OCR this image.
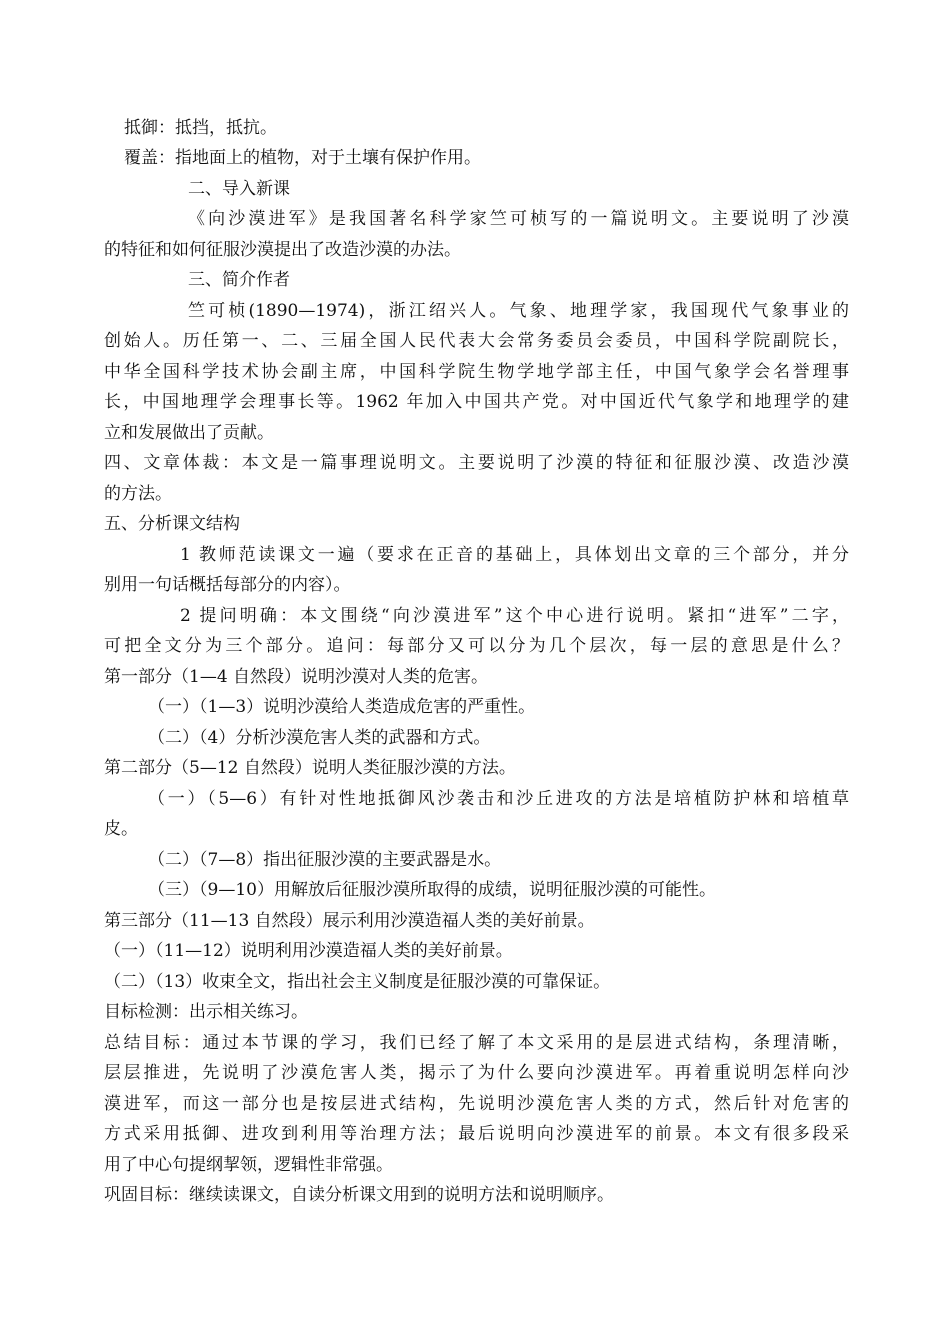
抵御：抵挡，抵抗。
覆盖：指地面上的植物，对于土壤有保护作用。
二、导入新课
《向沙漠进军》是我国著名科学家竺可桢写的一篇说明文。主要说明了沙漠
的特征和如何征服沙漠提出了改造沙漠的办法。
三、简介作者
竺可桢(1890—1974)，浙江绍兴人。气象、地理学家，我国现代气象事业的
创始人。历任第一、二、三届全国人民代表大会常务委员会委员，中国科学院副院长，
中华全国科学技术协会副主席，中国科学院生物学地学部主任，中国气象学会名誉理事
长，中国地理学会理事长等。1962 年加入中国共产党。对中国近代气象学和地理学的建
立和发展做出了贡献。
四、文章体裁：本文是一篇事理说明文。主要说明了沙漠的特征和征服沙漠、改造沙漠
的方法。
五、分析课文结构
1 教师范读课文一遍（要求在正音的基础上，具体划出文章的三个部分，并分
别用一句话概括每部分的内容）。
2 提问明确：本文围绕“向沙漠进军”这个中心进行说明。紧扣“进军”二字，
可把全文分为三个部分。追问：每部分又可以分为几个层次，每一层的意思是什么？
第一部分（1—4 自然段）说明沙漠对人类的危害。
（一）（1—3）说明沙漠给人类造成危害的严重性。
（二）（4）分析沙漠危害人类的武器和方式。
第二部分（5—12 自然段）说明人类征服沙漠的方法。
（一）（5—6）有针对性地抵御风沙袭击和沙丘进攻的方法是培植防护林和培植草
皮。
（二）（7—8）指出征服沙漠的主要武器是水。
（三）（9—10）用解放后征服沙漠所取得的成绩，说明征服沙漠的可能性。
第三部分（11—13 自然段）展示利用沙漠造福人类的美好前景。
（一）（11—12）说明利用沙漠造福人类的美好前景。
（二）（13）收束全文，指出社会主义制度是征服沙漠的可靠保证。
目标检测：出示相关练习。
总结目标：通过本节课的学习，我们已经了解了本文采用的是层进式结构，条理清晰，
层层推进，先说明了沙漠危害人类，揭示了为什么要向沙漠进军。再着重说明怎样向沙
漠进军，而这一部分也是按层进式结构，先说明沙漠危害人类的方式，然后针对危害的
方式采用抵御、进攻到利用等治理方法；最后说明向沙漠进军的前景。本文有很多段采
用了中心句提纲挈领，逻辑性非常强。
巩固目标：继续读课文，自读分析课文用到的说明方法和说明顺序。
